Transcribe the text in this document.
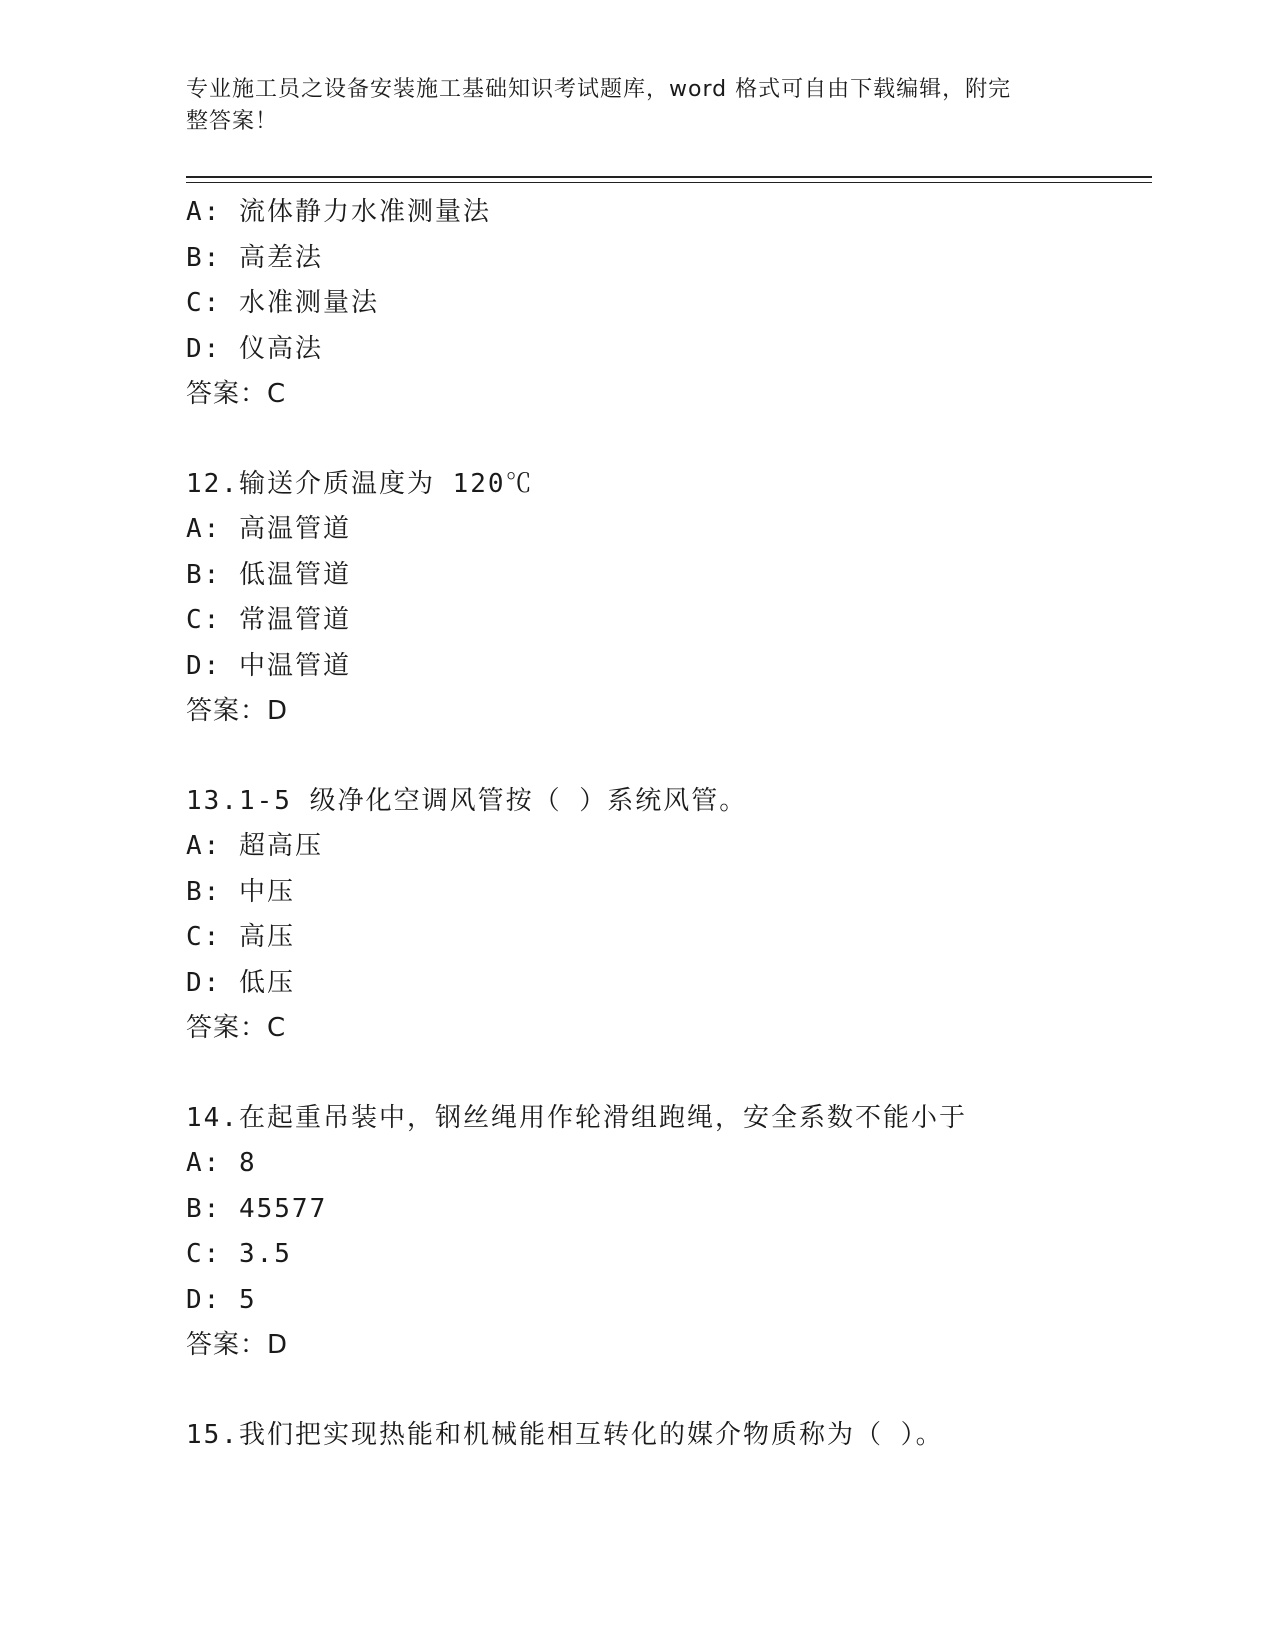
专业施工员之设备安装施工基础知识考试题库，word 格式可自由下载编辑，附完
整答案！

A: 流体静力水准测量法
B: 高差法
C: 水准测量法
D: 仪高法
答案：C
12.输送介质温度为 120℃
A: 高温管道
B: 低温管道
C: 常温管道
D: 中温管道
答案：D
13.1-5 级净化空调风管按（ ）系统风管。
A: 超高压
B: 中压
C: 高压
D: 低压
答案：C
14.在起重吊装中，钢丝绳用作轮滑组跑绳，安全系数不能小于
A: 8
B: 45577
C: 3.5
D: 5
答案：D
15.我们把实现热能和机械能相互转化的媒介物质称为（ ）。
